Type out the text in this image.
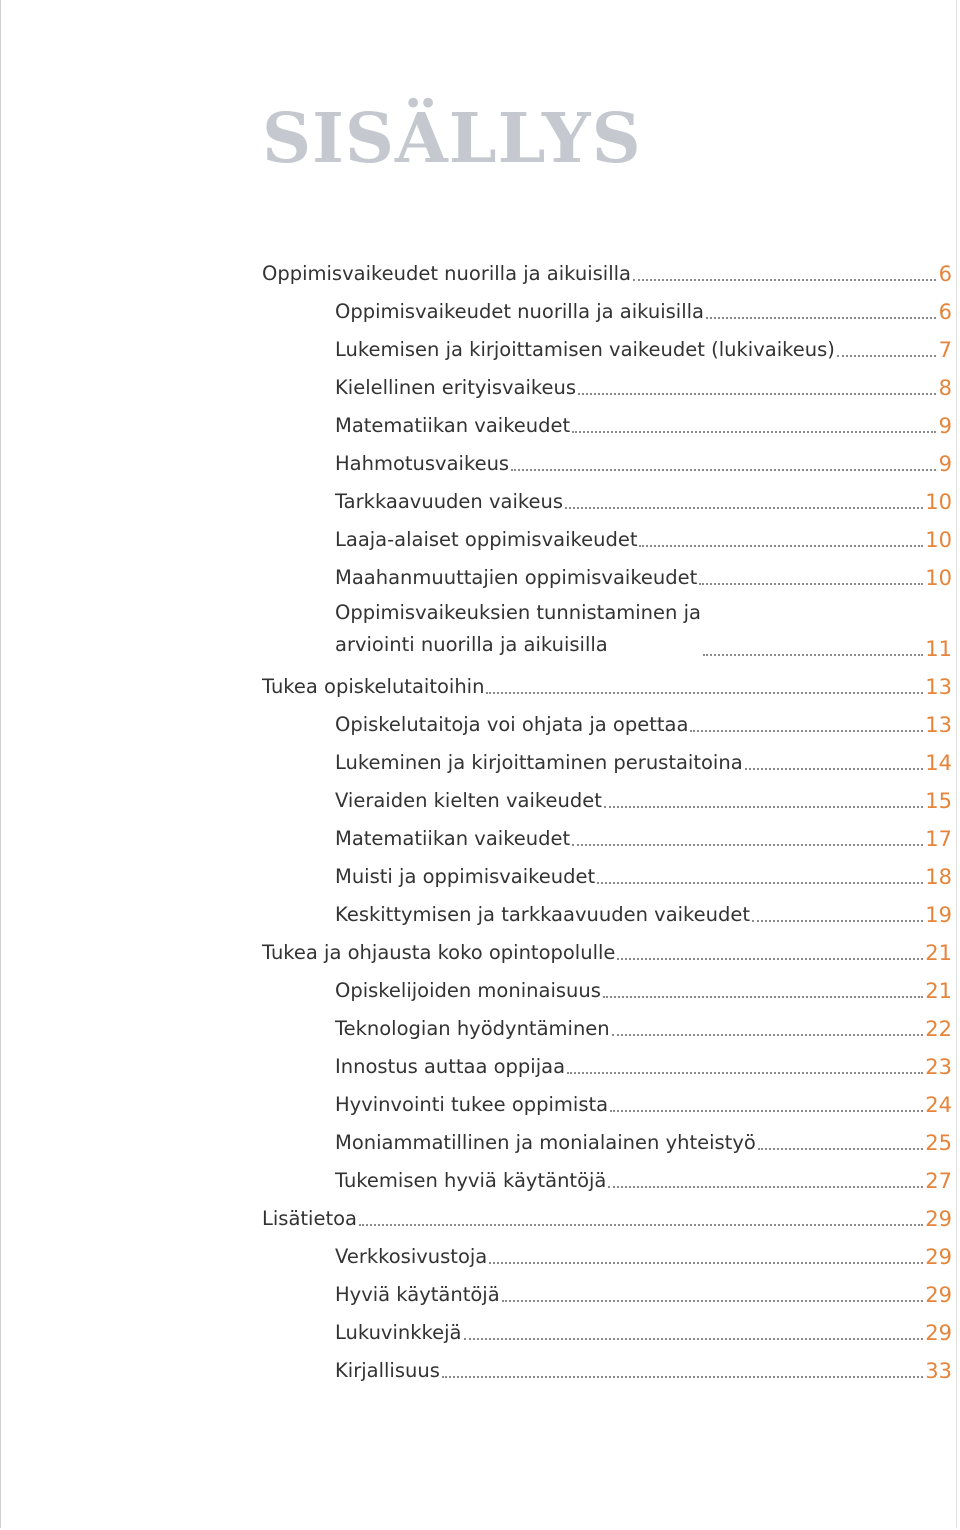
SISÄLLYS
Oppimisvaikeudet nuorilla ja aikuisilla	6
Oppimisvaikeudet nuorilla ja aikuisilla	6
Lukemisen ja kirjoittamisen vaikeudet (lukivaikeus)	7
Kielellinen erityisvaikeus	8
Matematiikan vaikeudet	9
Hahmotusvaikeus	9
Tarkkaavuuden vaikeus	10
Laaja-alaiset oppimisvaikeudet	10
Maahanmuuttajien oppimisvaikeudet	10
Oppimisvaikeuksien tunnistaminen ja
arviointi nuorilla ja aikuisilla	11
Tukea opiskelutaitoihin	13
Opiskelutaitoja voi ohjata ja opettaa	13
Lukeminen ja kirjoittaminen perustaitoina	14
Vieraiden kielten vaikeudet	15
Matematiikan vaikeudet	17
Muisti ja oppimisvaikeudet	18
Keskittymisen ja tarkkaavuuden vaikeudet	19
Tukea ja ohjausta koko opintopolulle	21
Opiskelijoiden moninaisuus	21
Teknologian hyödyntäminen	22
Innostus auttaa oppijaa	23
Hyvinvointi tukee oppimista	24
Moniammatillinen ja monialainen yhteistyö	25
Tukemisen hyviä käytäntöjä	27
Lisätietoa	29
Verkkosivustoja	29
Hyviä käytäntöjä	29
Lukuvinkkejä	29
Kirjallisuus	33
